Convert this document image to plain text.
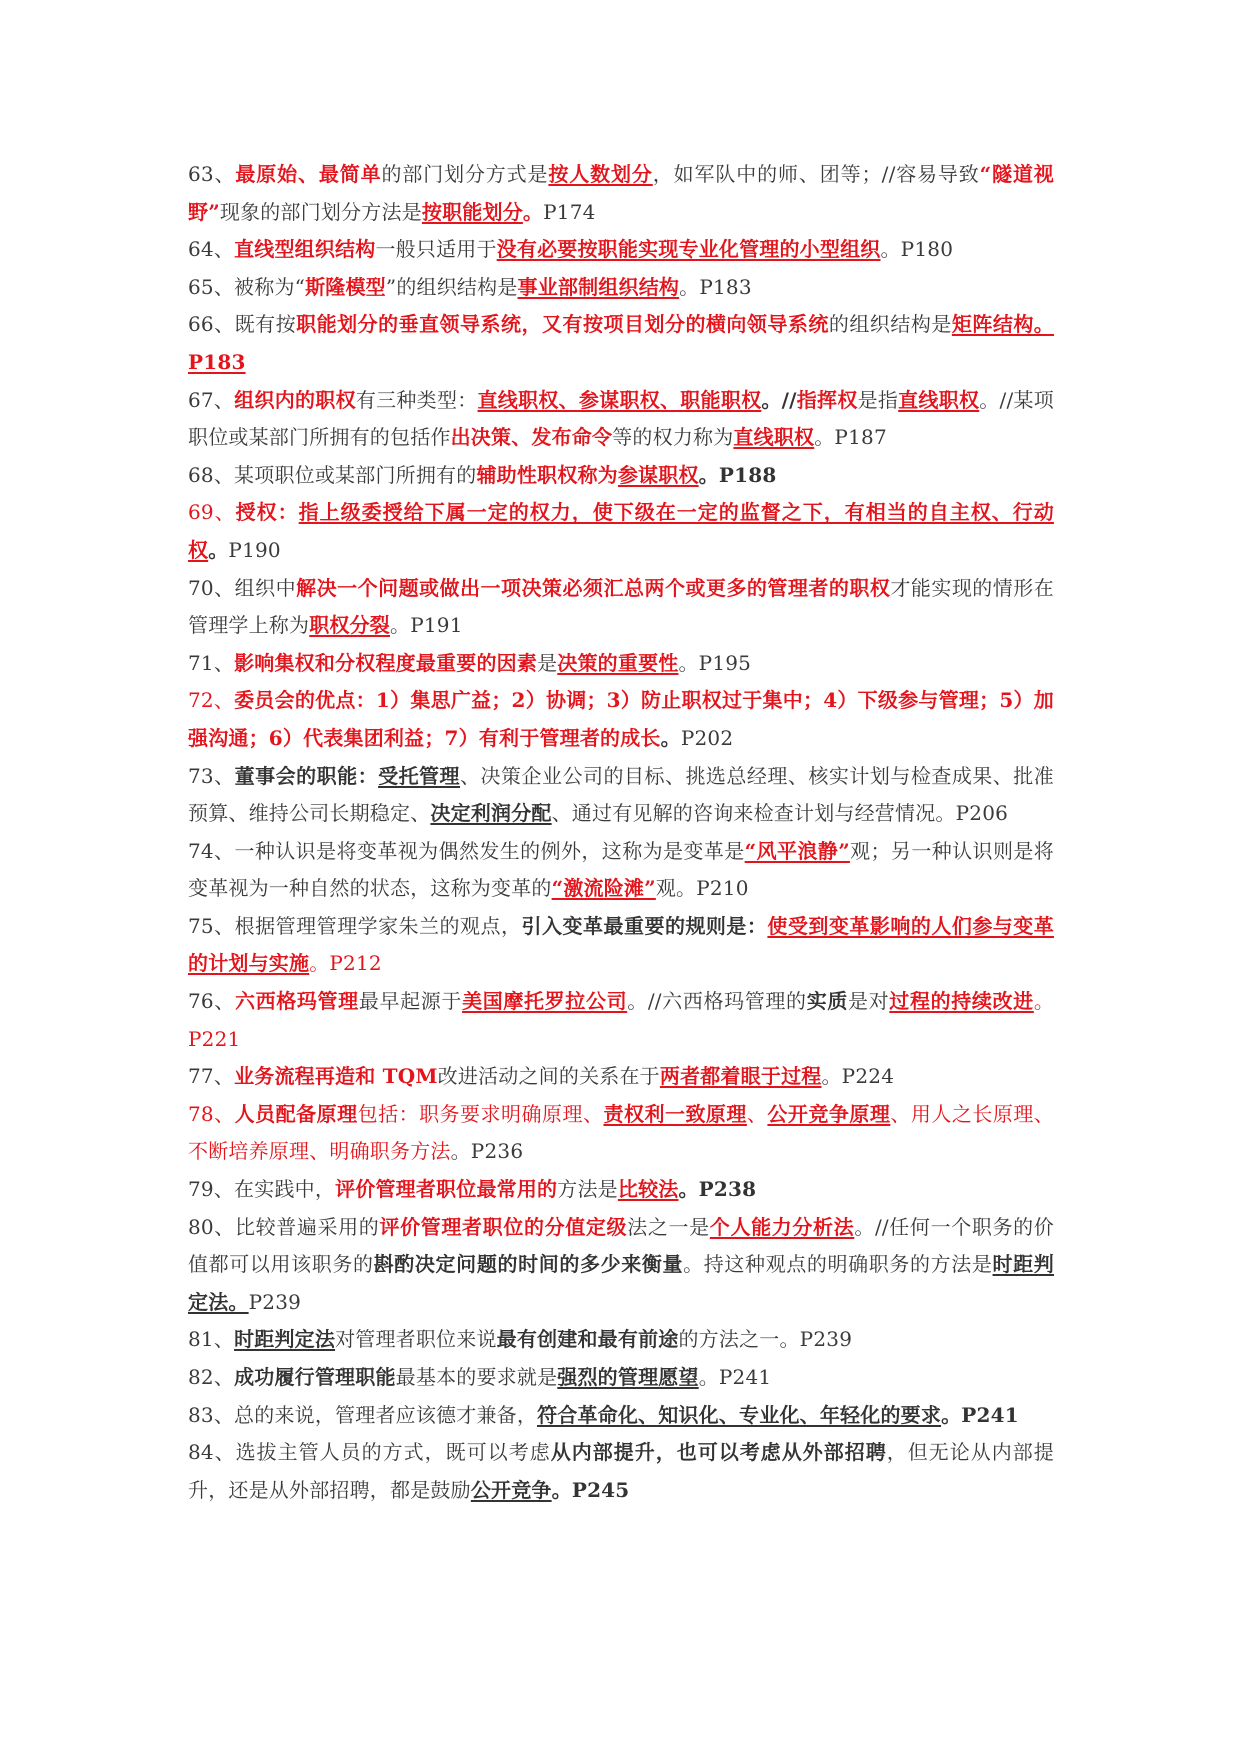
63、最原始、最简单的部门划分方式是按人数划分，如军队中的师、团等；//容易导致“隧道视野”现象的部门划分方法是按职能划分。P174

64、直线型组织结构一般只适用于没有必要按职能实现专业化管理的小型组织。P180

65、被称为“斯隆模型”的组织结构是事业部制组织结构。P183

66、既有按职能划分的垂直领导系统，又有按项目划分的横向领导系统的组织结构是矩阵结构。P183

67、组织内的职权有三种类型：直线职权、参谋职权、职能职权。//指挥权是指直线职权。//某项职位或某部门所拥有的包括作出决策、发布命令等的权力称为直线职权。P187

68、某项职位或某部门所拥有的辅助性职权称为参谋职权。P188

69、授权：指上级委授给下属一定的权力，使下级在一定的监督之下，有相当的自主权、行动权。P190

70、组织中解决一个问题或做出一项决策必须汇总两个或更多的管理者的职权才能实现的情形在管理学上称为职权分裂。P191

71、影响集权和分权程度最重要的因素是决策的重要性。P195

72、委员会的优点：1）集思广益；2）协调；3）防止职权过于集中；4）下级参与管理；5）加强沟通；6）代表集团利益；7）有利于管理者的成长。P202

73、董事会的职能：受托管理、决策企业公司的目标、挑选总经理、核实计划与检查成果、批准预算、维持公司长期稳定、决定利润分配、通过有见解的咨询来检查计划与经营情况。P206

74、一种认识是将变革视为偶然发生的例外，这称为是变革是“风平浪静”观；另一种认识则是将变革视为一种自然的状态，这称为变革的“激流险滩”观。P210

75、根据管理管理学家朱兰的观点，引入变革最重要的规则是：使受到变革影响的人们参与变革的计划与实施。P212

76、六西格玛管理最早起源于美国摩托罗拉公司。//六西格玛管理的实质是对过程的持续改进。P221

77、业务流程再造和 TQM改进活动之间的关系在于两者都着眼于过程。P224

78、人员配备原理包括：职务要求明确原理、责权利一致原理、公开竞争原理、用人之长原理、不断培养原理、明确职务方法。P236

79、在实践中，评价管理者职位最常用的方法是比较法。P238

80、比较普遍采用的评价管理者职位的分值定级法之一是个人能力分析法。//任何一个职务的价值都可以用该职务的斟酌决定问题的时间的多少来衡量。持这种观点的明确职务的方法是时距判定法。P239

81、时距判定法对管理者职位来说最有创建和最有前途的方法之一。P239

82、成功履行管理职能最基本的要求就是强烈的管理愿望。P241

83、总的来说，管理者应该德才兼备，符合革命化、知识化、专业化、年轻化的要求。P241

84、选拔主管人员的方式，既可以考虑从内部提升，也可以考虑从外部招聘，但无论从内部提升，还是从外部招聘，都是鼓励公开竞争。P245
